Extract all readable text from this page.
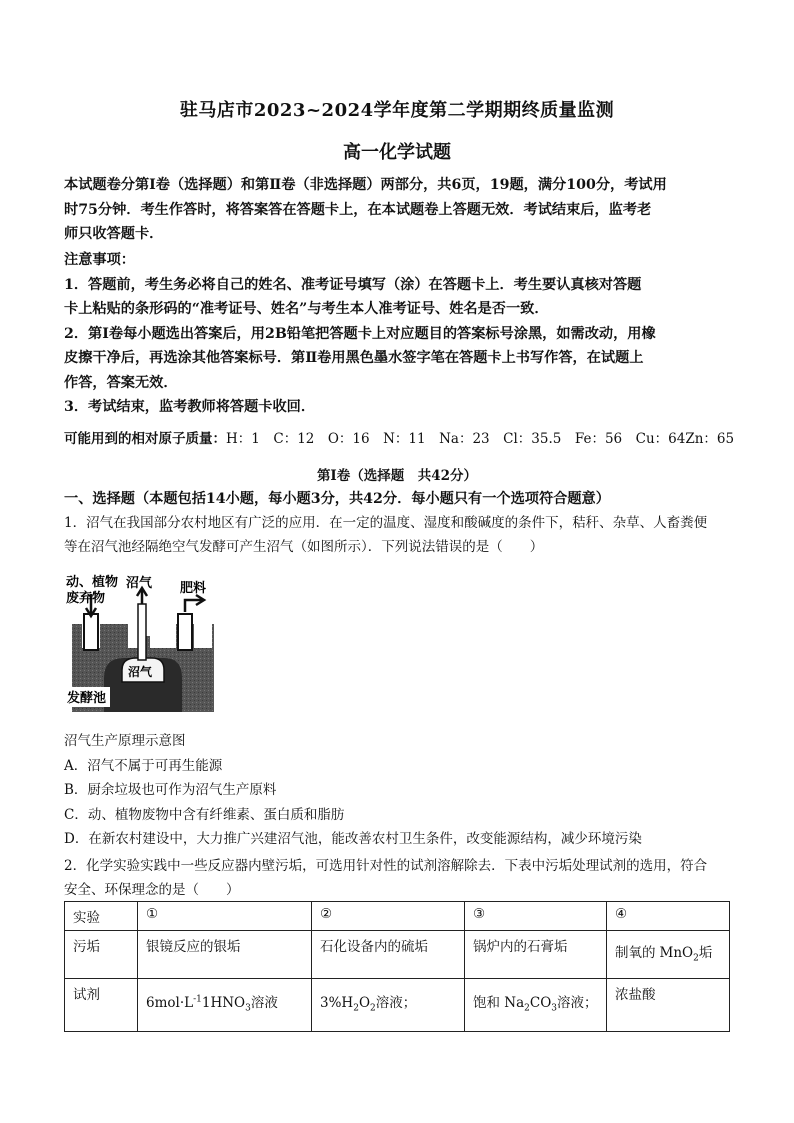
驻马店市2023~2024学年度第二学期期终质量监测
高一化学试题

本试题卷分第Ⅰ卷（选择题）和第Ⅱ卷（非选择题）两部分，共6页，19题，满分100分，考试用

时75分钟．考生作答时，将答案答在答题卡上，在本试题卷上答题无效．考试结束后，监考老

师只收答题卡．

注意事项：

1．答题前，考生务必将自己的姓名、准考证号填写（涂）在答题卡上．考生要认真核对答题

卡上粘贴的条形码的“准考证号、姓名”与考生本人准考证号、姓名是否一致．

2．第Ⅰ卷每小题选出答案后，用2B铅笔把答题卡上对应题目的答案标号涂黑，如需改动，用橡

皮擦干净后，再选涂其他答案标号．第Ⅱ卷用黑色墨水签字笔在答题卡上书写作答，在试题上

作答，答案无效．

3．考试结束，监考教师将答题卡收回．

可能用到的相对原子质量：H：1　C：12　O：16　N：11　Na：23　Cl：35.5　Fe：56　Cu：64Zn：65
第Ⅰ卷（选择题　共42分）
一、选择题（本题包括14小题，每小题3分，共42分．每小题只有一个选项符合题意）

1．沼气在我国部分农村地区有广泛的应用．在一定的温度、湿度和酸碱度的条件下，秸秆、杂草、人畜粪便

等在沼气池经隔绝空气发酵可产生沼气（如图所示）．下列说法错误的是（　　）

动、植物
废弃物
沼气 肥料
沼气
发酵池

沼气生产原理示意图

A．沼气不属于可再生能源

B．厨余垃圾也可作为沼气生产原料

C．动、植物废物中含有纤维素、蛋白质和脂肪

D．在新农村建设中，大力推广兴建沼气池，能改善农村卫生条件，改变能源结构，减少环境污染

2．化学实验实践中一些反应器内壁污垢，可选用针对性的试剂溶解除去．下表中污垢处理试剂的选用，符合

安全、环保理念的是（　　）

实验	①	②	③	④
污垢	银镜反应的银垢	石化设备内的硫垢	锅炉内的石膏垢	制氧的 MnO$_2$垢
试剂	$6mol\cdot L^{-1}1HNO_3$溶液	$3\%H_2O_2$溶液；	饱和 $Na_2CO_3$溶液；	浓盐酸
